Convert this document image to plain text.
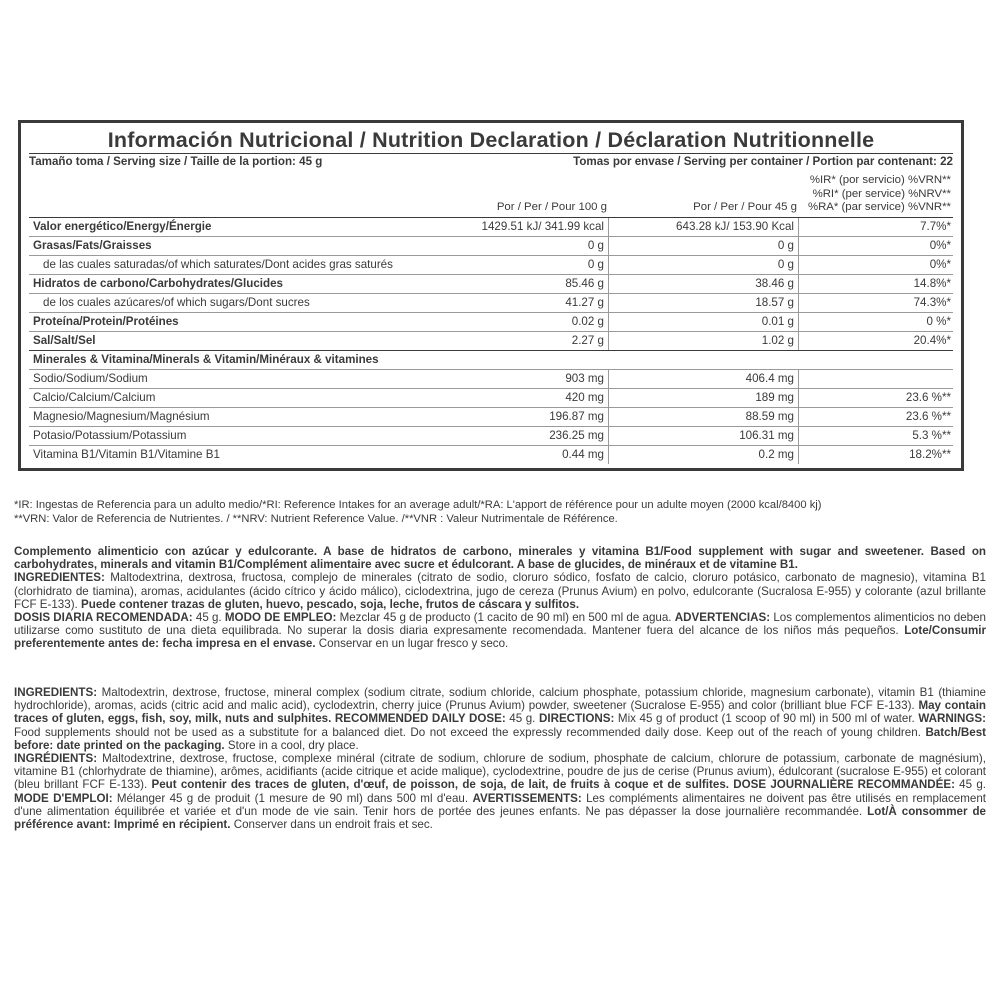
Información Nutricional / Nutrition Declaration / Déclaration Nutritionnelle
Tamaño toma / Serving size / Taille de la portion: 45 g	Tomas por envase / Serving per container / Portion par contenant: 22
Por / Per / Pour 100 g	Por / Per / Pour 45 g
%IR* (por servicio) %VRN**
%RI* (per service) %NRV**
%RA* (par service) %VNR**
Valor energético/Energy/Énergie	1429.51 kJ/ 341.99 kcal	643.28 kJ/ 153.90 Kcal	7.7%*
Grasas/Fats/Graisses	0 g	0 g	0%*
de las cuales saturadas/of which saturates/Dont acides gras saturés	0 g	0 g	0%*
Hidratos de carbono/Carbohydrates/Glucides	85.46 g	38.46 g	14.8%*
de los cuales azúcares/of which sugars/Dont sucres	41.27 g	18.57 g	74.3%*
Proteína/Protein/Protéines	0.02 g	0.01 g	0 %*
Sal/Salt/Sel	2.27 g	1.02 g	20.4%*
Minerales & Vitamina/Minerals & Vitamin/Minéraux & vitamines
Sodio/Sodium/Sodium	903 mg	406.4 mg
Calcio/Calcium/Calcium	420 mg	189 mg	23.6 %**
Magnesio/Magnesium/Magnésium	196.87 mg	88.59 mg	23.6 %**
Potasio/Potassium/Potassium	236.25 mg	106.31 mg	5.3 %**
Vitamina B1/Vitamin B1/Vitamine B1	0.44 mg	0.2 mg	18.2%**
*IR: Ingestas de Referencia para un adulto medio/*RI: Reference Intakes for an average adult/*RA: L'apport de référence pour un adulte moyen (2000 kcal/8400 kj)
**VRN: Valor de Referencia de Nutrientes. / **NRV: Nutrient Reference Value. /**VNR : Valeur Nutrimentale de Référence.
Complemento alimenticio con azúcar y edulcorante. A base de hidratos de carbono, minerales y vitamina B1/Food supplement with sugar and sweetener. Based on carbohydrates, minerals and vitamin B1/Complément alimentaire avec sucre et édulcorant. A base de glucides, de minéraux et de vitamine B1.
INGREDIENTES: Maltodextrina, dextrosa, fructosa, complejo de minerales (citrato de sodio, cloruro sódico, fosfato de calcio, cloruro potásico, carbonato de magnesio), vitamina B1 (clorhidrato de tiamina), aromas, acidulantes (ácido cítrico y ácido málico), ciclodextrina, jugo de cereza (Prunus Avium) en polvo, edulcorante (Sucralosa E-955) y colorante (azul brillante FCF E-133). Puede contener trazas de gluten, huevo, pescado, soja, leche, frutos de cáscara y sulfitos.
DOSIS DIARIA RECOMENDADA: 45 g. MODO DE EMPLEO: Mezclar 45 g de producto (1 cacito de 90 ml) en 500 ml de agua. ADVERTENCIAS: Los complementos alimenticios no deben utilizarse como sustituto de una dieta equilibrada. No superar la dosis diaria expresamente recomendada. Mantener fuera del alcance de los niños más pequeños. Lote/Consumir preferentemente antes de: fecha impresa en el envase. Conservar en un lugar fresco y seco.
INGREDIENTS: Maltodextrin, dextrose, fructose, mineral complex (sodium citrate, sodium chloride, calcium phosphate, potassium chloride, magnesium carbonate), vitamin B1 (thiamine hydrochloride), aromas, acids (citric acid and malic acid), cyclodextrin, cherry juice (Prunus Avium) powder, sweetener (Sucralose E-955) and color (brilliant blue FCF E-133). May contain traces of gluten, eggs, fish, soy, milk, nuts and sulphites. RECOMMENDED DAILY DOSE: 45 g. DIRECTIONS: Mix 45 g of product (1 scoop of 90 ml) in 500 ml of water. WARNINGS: Food supplements should not be used as a substitute for a balanced diet. Do not exceed the expressly recommended daily dose. Keep out of the reach of young children. Batch/Best before: date printed on the packaging. Store in a cool, dry place.
INGRÉDIENTS: Maltodextrine, dextrose, fructose, complexe minéral (citrate de sodium, chlorure de sodium, phosphate de calcium, chlorure de potassium, carbonate de magnésium), vitamine B1 (chlorhydrate de thiamine), arômes, acidifiants (acide citrique et acide malique), cyclodextrine, poudre de jus de cerise (Prunus avium), édulcorant (sucralose E-955) et colorant (bleu brillant FCF E-133). Peut contenir des traces de gluten, d'œuf, de poisson, de soja, de lait, de fruits à coque et de sulfites. DOSE JOURNALIÈRE RECOMMANDÉE: 45 g. MODE D'EMPLOI: Mélanger 45 g de produit (1 mesure de 90 ml) dans 500 ml d'eau. AVERTISSEMENTS: Les compléments alimentaires ne doivent pas être utilisés en remplacement d'une alimentation équilibrée et variée et d'un mode de vie sain. Tenir hors de portée des jeunes enfants. Ne pas dépasser la dose journalière recommandée. Lot/À consommer de préférence avant: Imprimé en récipient. Conserver dans un endroit frais et sec.
